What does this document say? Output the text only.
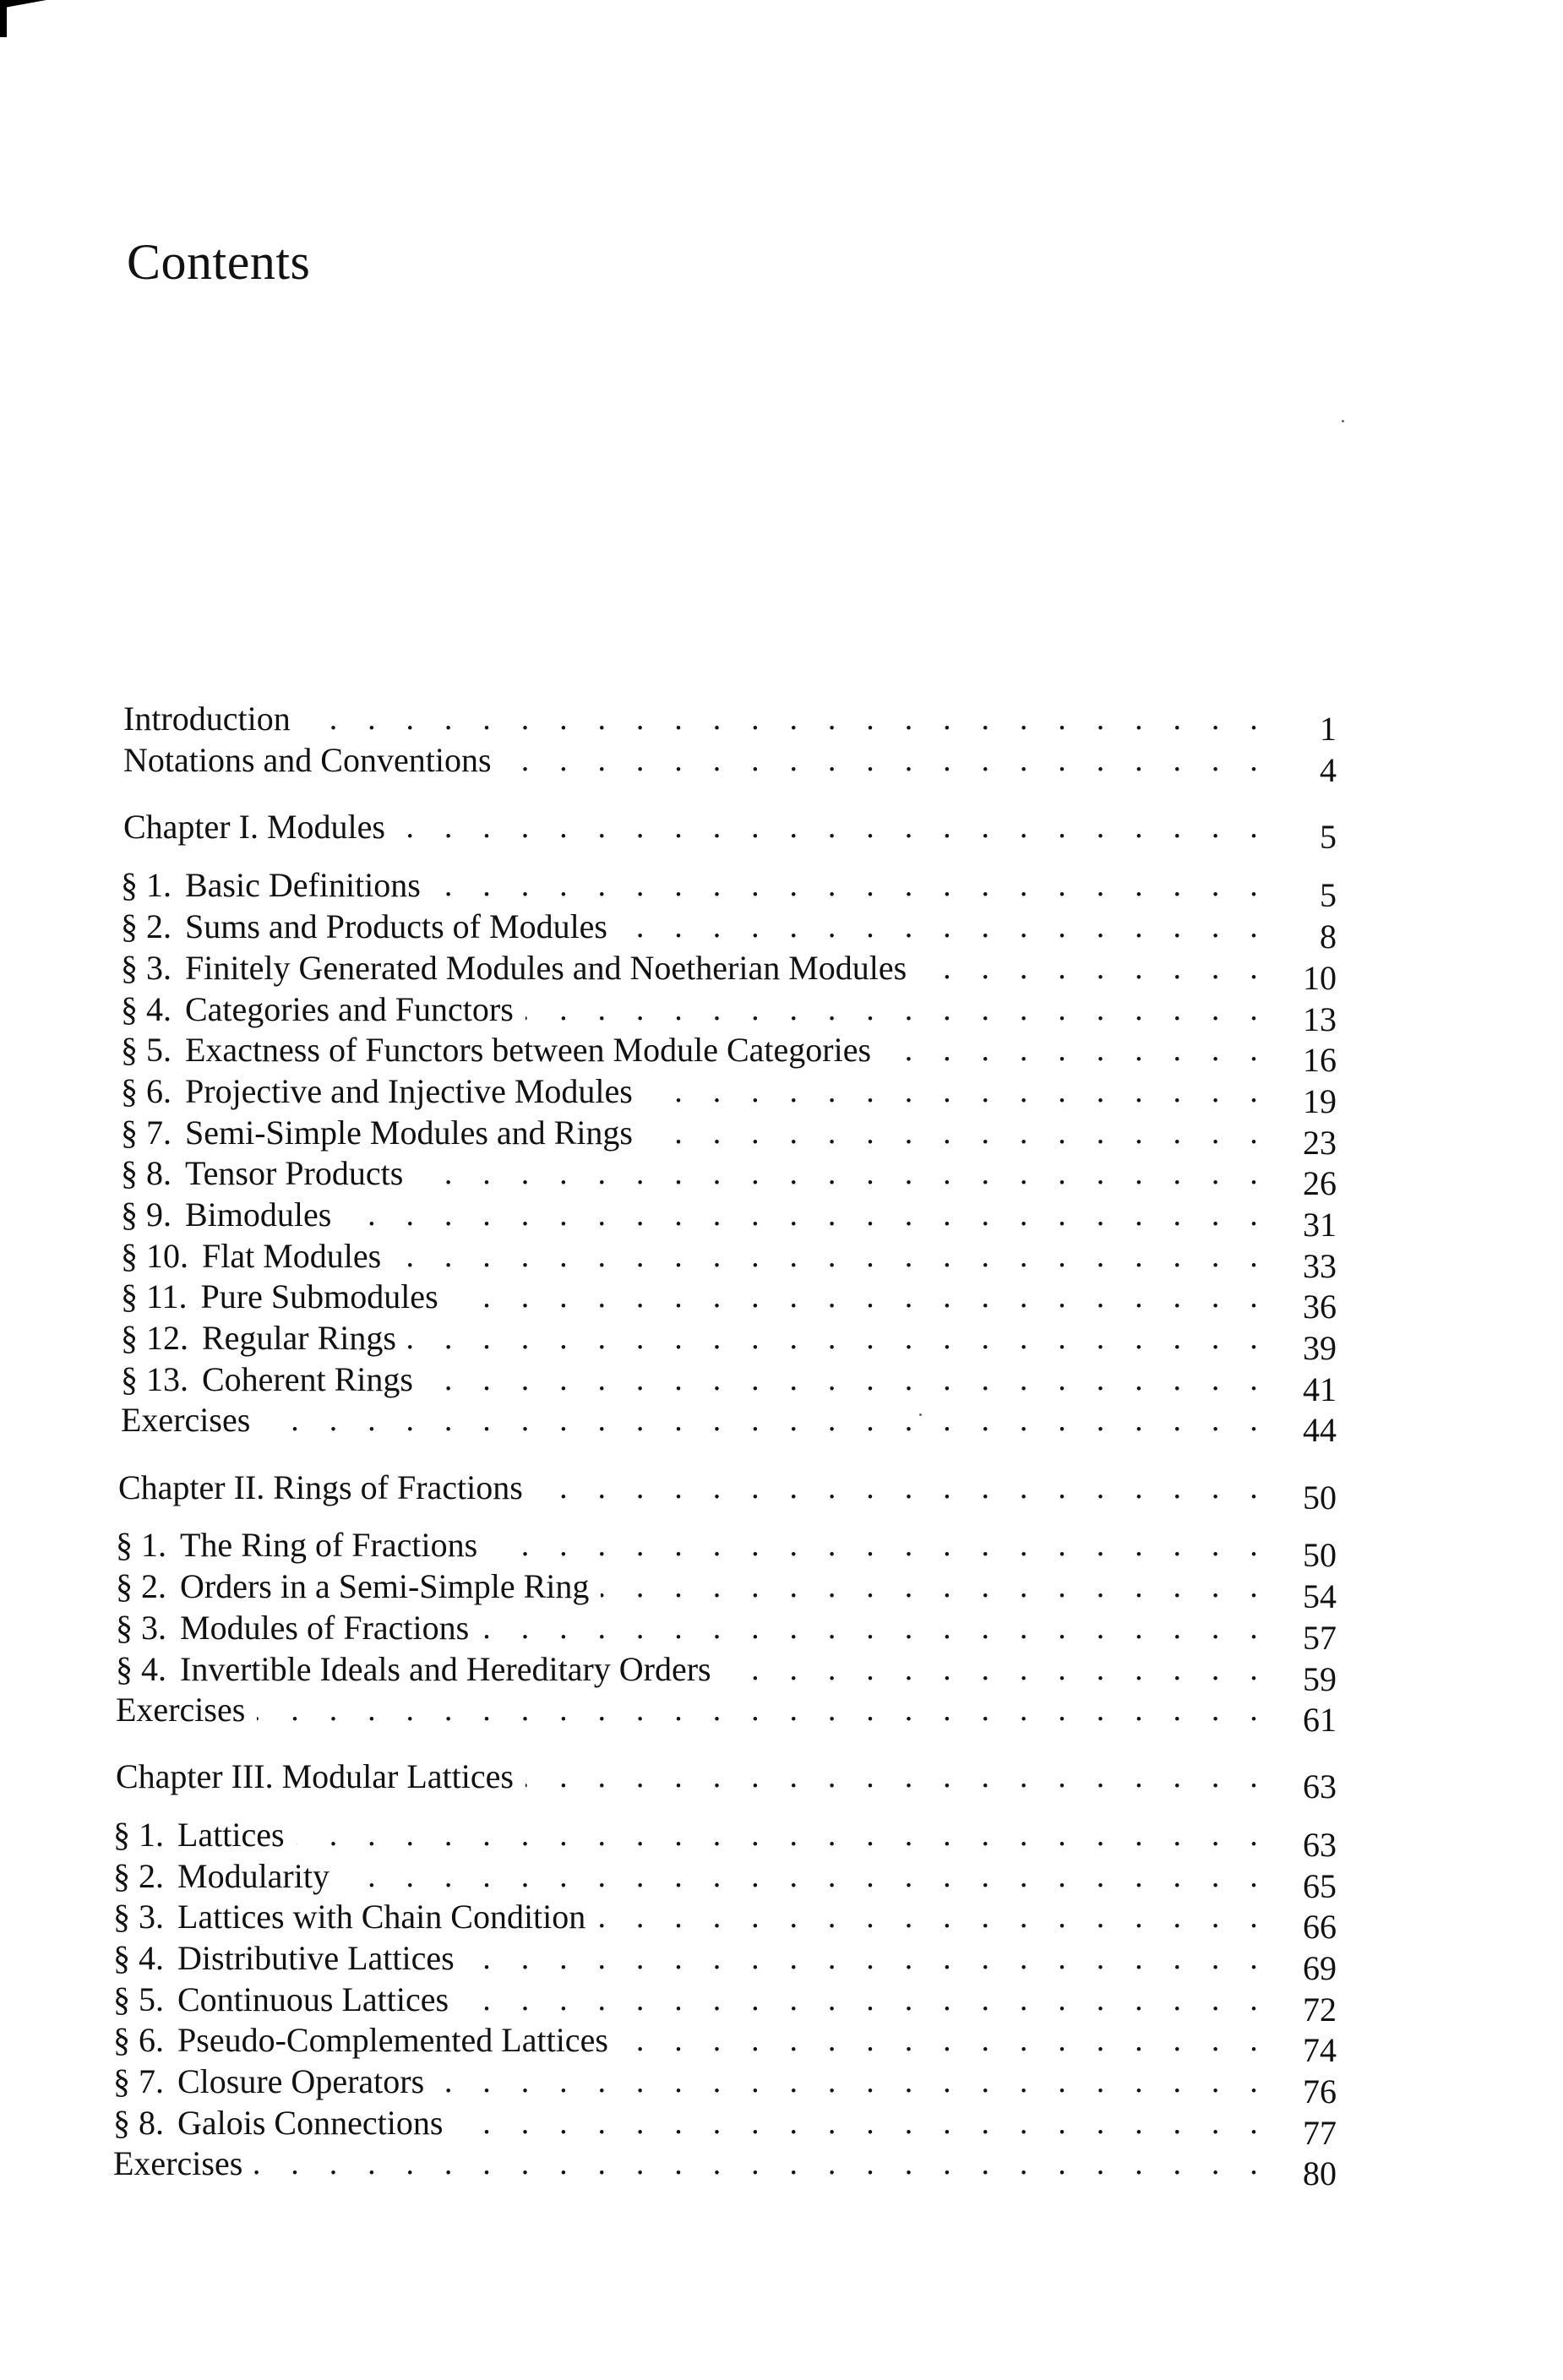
Contents
Introduction . . .	1
Notations and Conventions . . .	4
Chapter I. Modules . . .	5
§ 1. Basic Definitions . . .	5
§ 2. Sums and Products of Modules . . .	8
§ 3. Finitely Generated Modules and Noetherian Modules . . .	10
§ 4. Categories and Functors . . .	13
§ 5. Exactness of Functors between Module Categories . . .	16
§ 6. Projective and Injective Modules . . .	19
§ 7. Semi-Simple Modules and Rings . . .	23
§ 8. Tensor Products . . .	26
§ 9. Bimodules . . .	31
§ 10. Flat Modules . . .	33
§ 11. Pure Submodules . . .	36
§ 12. Regular Rings . . .	39
§ 13. Coherent Rings . . .	41
Exercises . . .	44
Chapter II. Rings of Fractions . . .	50
§ 1. The Ring of Fractions . . .	50
§ 2. Orders in a Semi-Simple Ring . . .	54
§ 3. Modules of Fractions . . .	57
§ 4. Invertible Ideals and Hereditary Orders . . .	59
Exercises . . .	61
Chapter III. Modular Lattices . . .	63
§ 1. Lattices . . .	63
§ 2. Modularity . . .	65
§ 3. Lattices with Chain Condition . . .	66
§ 4. Distributive Lattices . . .	69
§ 5. Continuous Lattices . . .	72
§ 6. Pseudo-Complemented Lattices . . .	74
§ 7. Closure Operators . . .	76
§ 8. Galois Connections . . .	77
Exercises . . .	80
